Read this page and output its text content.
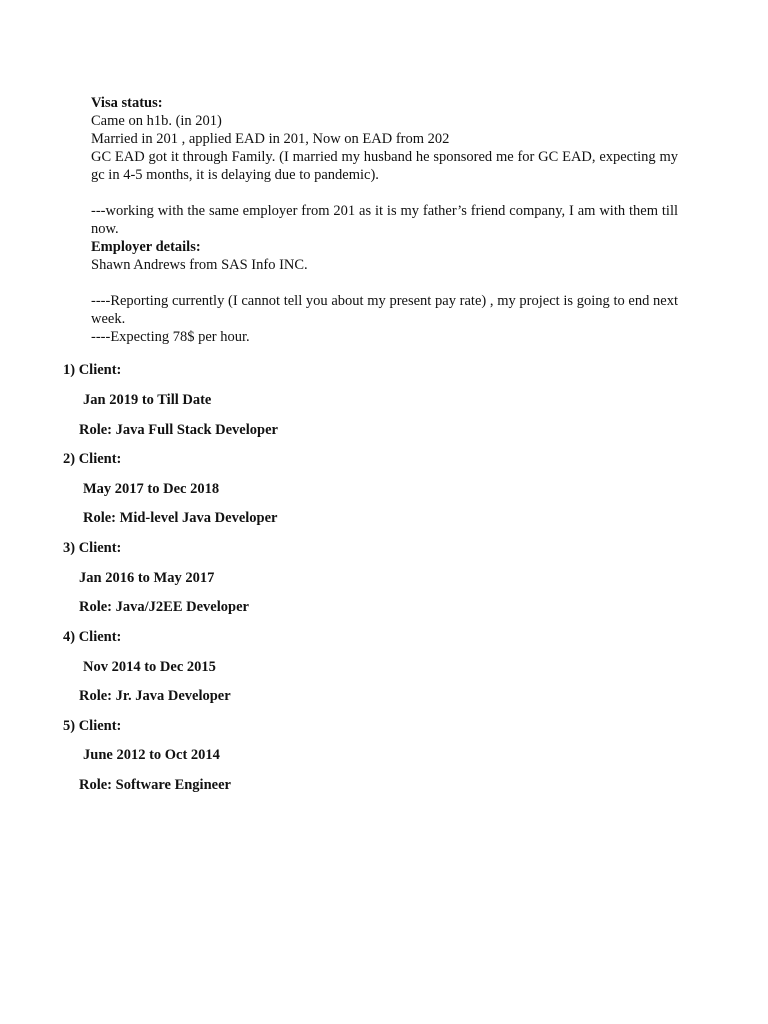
Visa status:
Came on h1b. (in 201)
Married in 201 , applied EAD in 201, Now on EAD from 202
GC EAD got it through Family. (I married my husband he sponsored me for GC EAD, expecting my gc in 4-5 months, it is delaying due to pandemic).
---working with the same employer from 201 as it is my father’s friend company, I am with them till now.
Employer details:
Shawn Andrews from SAS Info INC.
----Reporting currently (I cannot tell you about my present pay rate) , my project is going to end next week.
----Expecting 78$ per hour.
1) Client:
Jan 2019 to Till Date
Role: Java Full Stack Developer
2) Client:
May 2017 to Dec 2018
Role: Mid-level Java Developer
3) Client:
Jan 2016 to May 2017
Role: Java/J2EE Developer
4) Client:
Nov 2014 to Dec 2015
Role: Jr. Java Developer
5) Client:
June 2012 to Oct 2014
Role: Software Engineer
